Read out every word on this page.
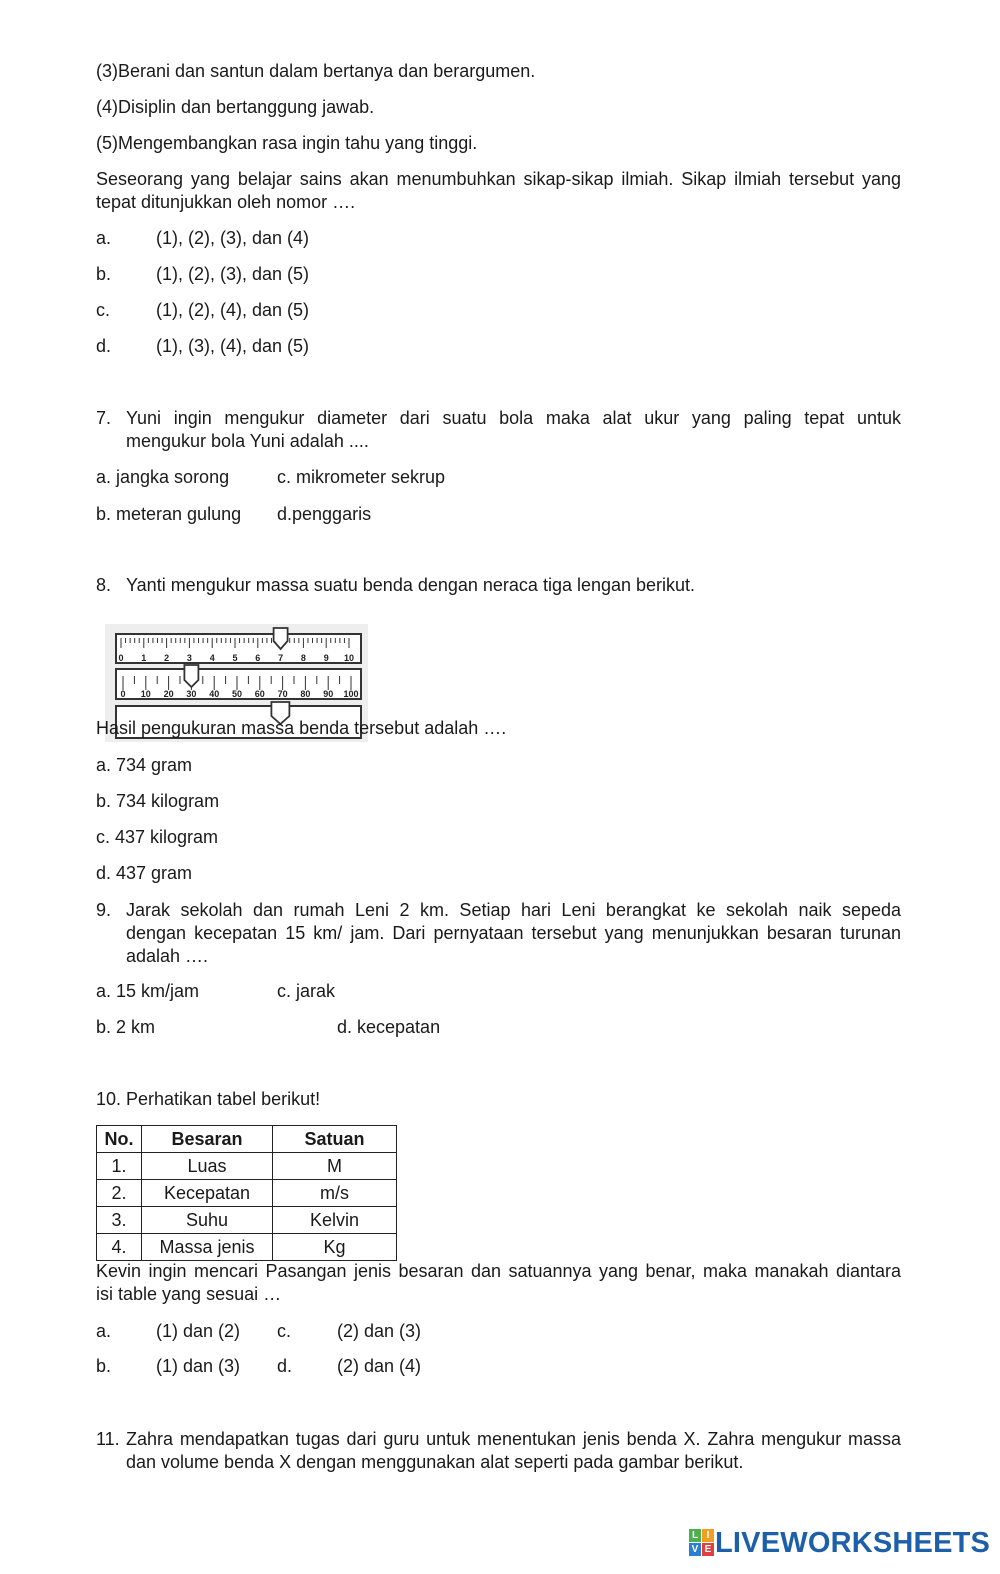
(3)Berani dan santun dalam bertanya dan berargumen.
(4)Disiplin dan bertanggung jawab.
(5)Mengembangkan rasa ingin tahu yang tinggi.
Seseorang yang belajar sains akan menumbuhkan sikap-sikap ilmiah. Sikap ilmiah tersebut yang
tepat ditunjukkan oleh nomor ….
a. (1), (2), (3), dan (4)
b. (1), (2), (3), dan (5)
c.	(1), (2), (4), dan (5)
d. (1), (3), (4), dan (5)
7. Yuni ingin mengukur diameter dari suatu bola maka alat ukur yang paling tepat untuk
mengukur bola Yuni adalah ....
a. jangka sorong	c. mikrometer sekrup
b. meteran gulung d.penggaris
8. Yanti mengukur massa suatu benda dengan neraca tiga lengan berikut.
0 1 2 3 4 5 6 7 8 9 10
0 10 20 30 40 50 60 70 80 90 100
Hasil pengukuran massa benda tersebut adalah ….
a. 734 gram
b. 734 kilogram
c. 437 kilogram
d. 437 gram
9. Jarak sekolah dan rumah Leni 2 km. Setiap hari Leni berangkat ke sekolah naik sepeda
dengan kecepatan 15 km/ jam. Dari pernyataan tersebut yang menunjukkan besaran turunan
adalah ….
a. 15 km/jam	c. jarak
b. 2 km	d. kecepatan
10. Perhatikan tabel berikut!
No.	Besaran	Satuan
1.	Luas	M
2.	Kecepatan	m/s
3.	Suhu	Kelvin
4.	Massa jenis	Kg
Kevin ingin mencari Pasangan jenis besaran dan satuannya yang benar, maka manakah diantara
isi table yang sesuai …
a. (1) dan (2) c.	(2) dan (3)
b. (1) dan (3) d. (2) dan (4)
11. Zahra mendapatkan tugas dari guru untuk menentukan jenis benda X. Zahra mengukur massa
dan volume benda X dengan menggunakan alat seperti pada gambar berikut.
L I
V E LIVEWORKSHEETS
